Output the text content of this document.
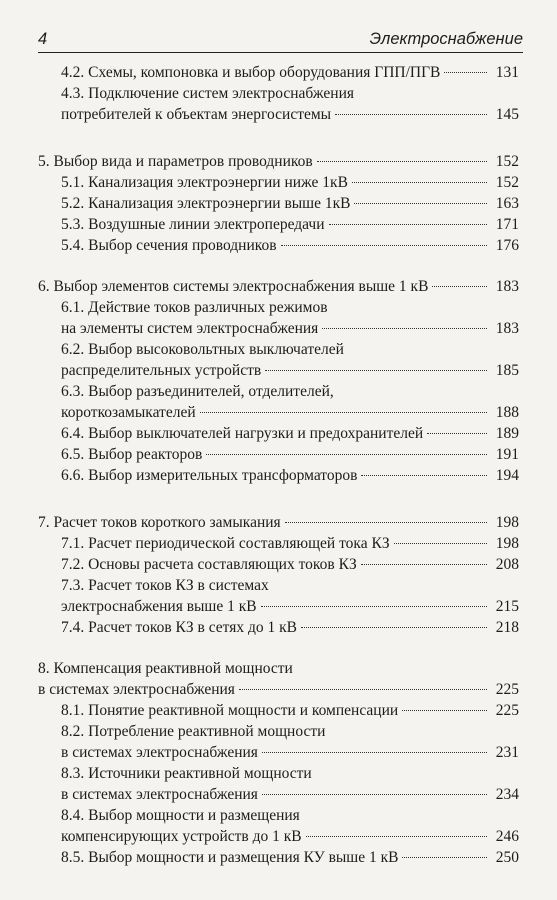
4	Электроснабжение
4.2. Схемы, компоновка и выбор оборудования ГПП/ПГВ	131
4.3. Подключение систем электроснабжения
потребителей к объектам энергосистемы	145
5. Выбор вида и параметров проводников	152
5.1. Канализация электроэнергии ниже 1кВ	152
5.2. Канализация электроэнергии выше 1кВ	163
5.3. Воздушные линии электропередачи	171
5.4. Выбор сечения проводников	176
6. Выбор элементов системы электроснабжения выше 1 кВ	183
6.1. Действие токов различных режимов
на элементы систем электроснабжения	183
6.2. Выбор высоковольтных выключателей
распределительных устройств	185
6.3. Выбор разъединителей, отделителей,
короткозамыкателей	188
6.4. Выбор выключателей нагрузки и предохранителей	189
6.5. Выбор реакторов	191
6.6. Выбор измерительных трансформаторов	194
7. Расчет токов короткого замыкания	198
7.1. Расчет периодической составляющей тока КЗ	198
7.2. Основы расчета составляющих токов КЗ	208
7.3. Расчет токов КЗ в системах
электроснабжения выше 1 кВ	215
7.4. Расчет токов КЗ в сетях до 1 кВ	218
8. Компенсация реактивной мощности
в системах электроснабжения	225
8.1. Понятие реактивной мощности и компенсации	225
8.2. Потребление реактивной мощности
в системах электроснабжения	231
8.3. Источники реактивной мощности
в системах электроснабжения	234
8.4. Выбор мощности и размещения
компенсирующих устройств до 1 кВ	246
8.5. Выбор мощности и размещения КУ выше 1 кВ	250
